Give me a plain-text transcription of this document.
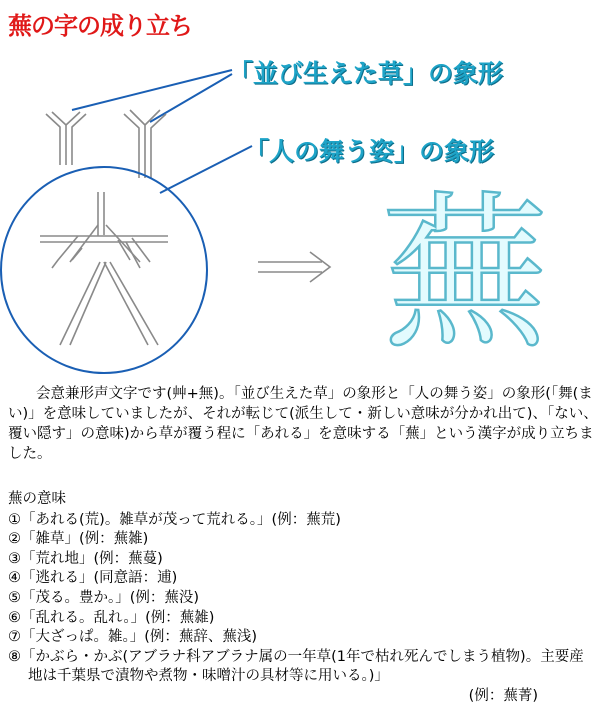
蕪の字の成り立ち
蕪
「並び生えた草」の象形
「人の舞う姿」の象形

会意兼形声文字です(艸+無)。「並び生えた草」の象形と「人の舞う姿」の象形(「舞(まい)」を意味していましたが、それが転じて(派生して・新しい意味が分かれ出て)、「ない、覆い隠す」の意味)から草が覆う程に「あれる」を意味する「蕪」という漢字が成り立ちました。

蕪の意味

①「あれる(荒)。雑草が茂って荒れる。」(例：蕪荒)

②「雑草」(例：蕪雑)

③「荒れ地」(例：蕪蔓)

④「逃れる」(同意語：逋)

⑤「茂る。豊か。」(例：蕪没)

⑥「乱れる。乱れ。」(例：蕪雑)

⑦「大ざっぱ。雑。」(例：蕪辞、蕪浅)

⑧「かぶら・かぶ(アブラナ科アブラナ属の一年草(1年で枯れ死んでしまう植物)。主要産地は千葉県で漬物や煮物・味噌汁の具材等に用いる。)」

(例：蕪菁)
